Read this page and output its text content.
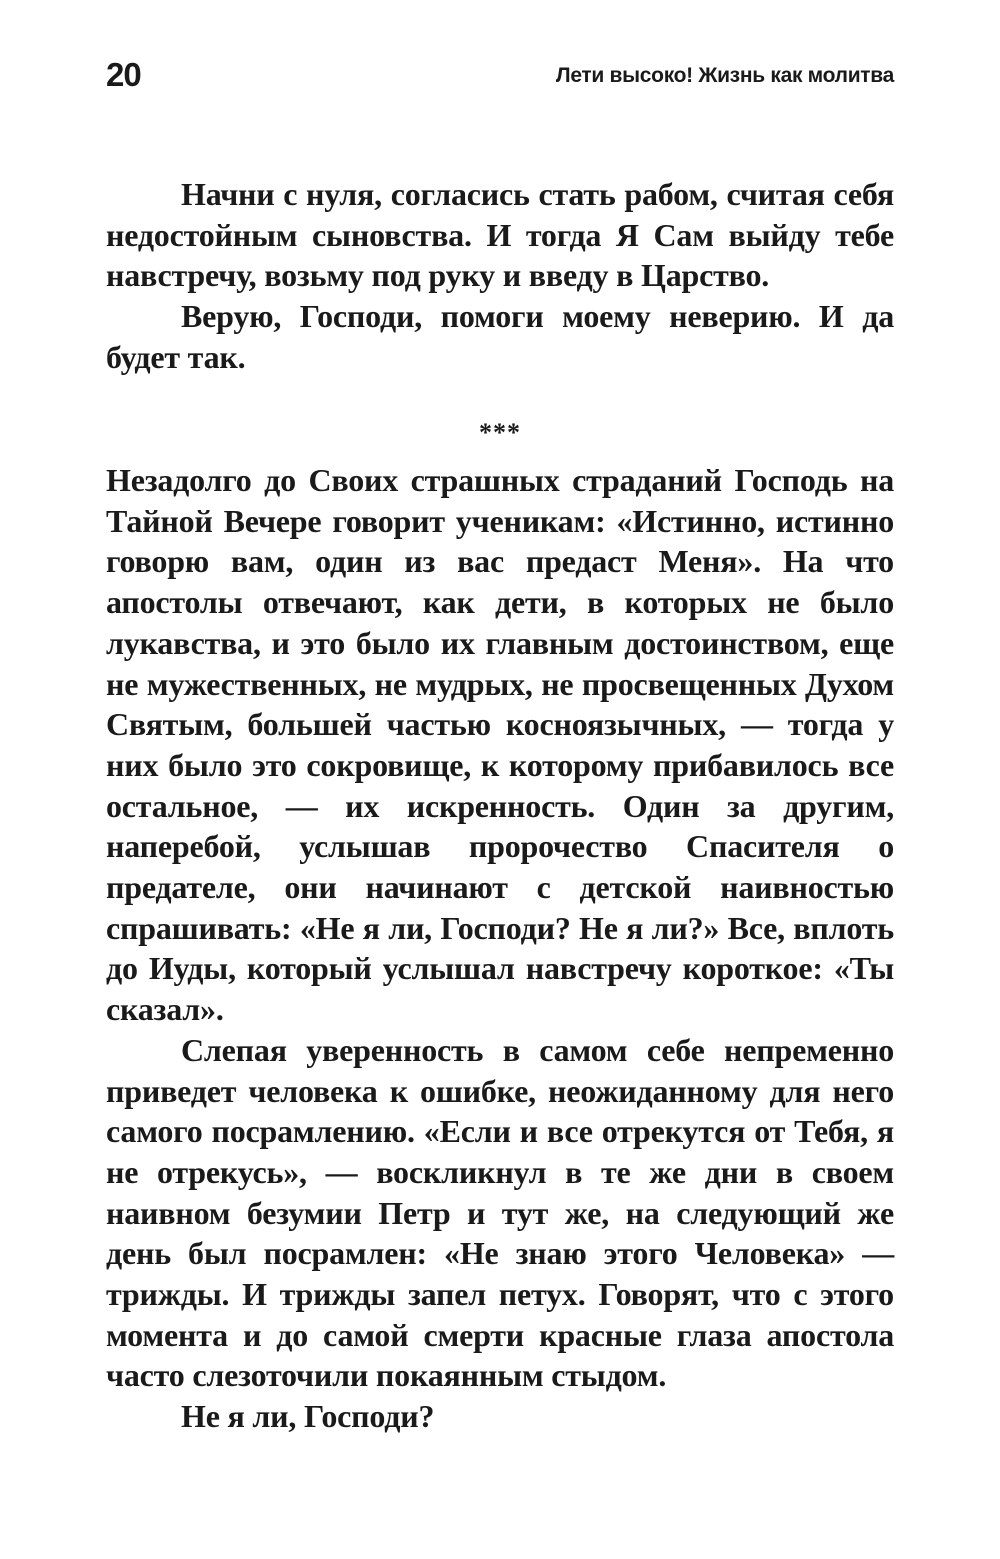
20	Лети высоко! Жизнь как молитва

Начни с нуля, согласись стать рабом, считая себя недостойным сыновства. И тогда Я Сам выйду тебе навстречу, возьму под руку и введу в Царство.

Верую, Господи, помоги моему неверию. И да будет так.

***

Незадолго до Своих страшных страданий Господь на Тайной Вечере говорит ученикам: «Истинно, истинно говорю вам, один из вас предаст Меня». На что апостолы отвечают, как дети, в которых не было лукавства, и это было их главным достоинством, еще не мужественных, не мудрых, не просвещенных Духом Святым, большей частью косноязычных, — тогда у них было это сокровище, к которому прибавилось все остальное, — их искренность. Один за другим, наперебой, услышав пророчество Спасителя о предателе, они начинают с детской наивностью спрашивать: «Не я ли, Господи? Не я ли?» Все, вплоть до Иуды, который услышал навстречу короткое: «Ты сказал».

Слепая уверенность в самом себе непременно приведет человека к ошибке, неожиданному для него самого посрамлению. «Если и все отрекутся от Тебя, я не отрекусь», — воскликнул в те же дни в своем наивном безумии Петр и тут же, на следующий же день был посрамлен: «Не знаю этого Человека» — трижды. И трижды запел петух. Говорят, что с этого момента и до самой смерти красные глаза апостола часто слезоточили покаянным стыдом.

Не я ли, Господи?
